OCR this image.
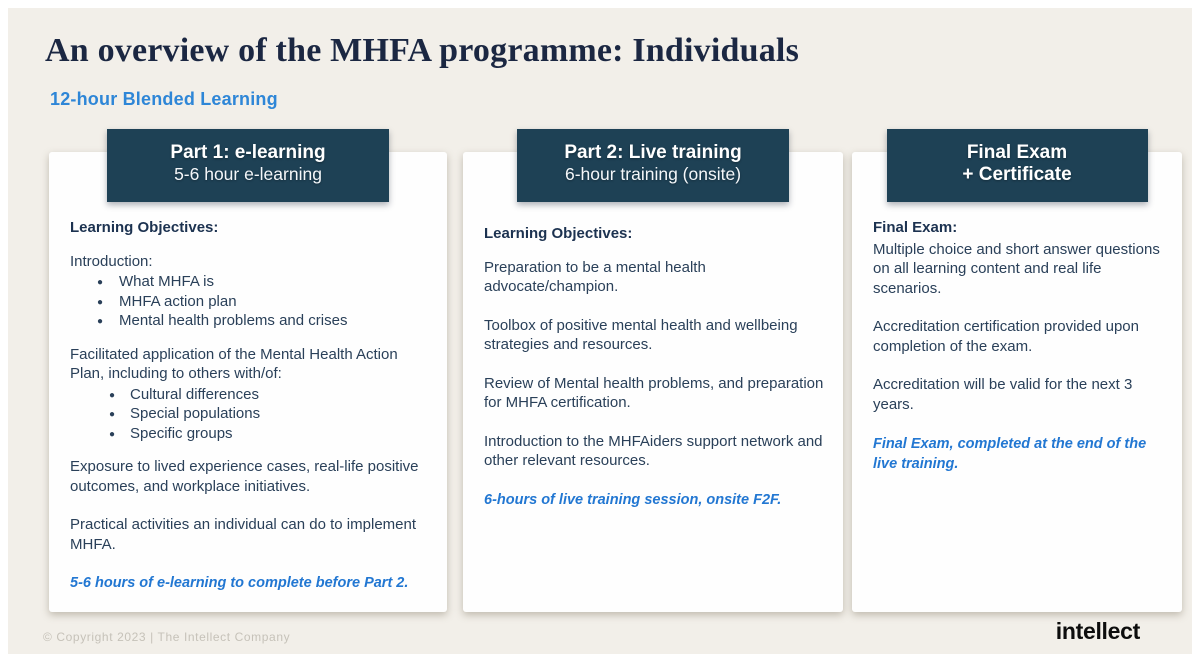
An overview of the MHFA programme: Individuals
12-hour Blended Learning
Part 1: e-learning
5-6 hour e-learning

Learning Objectives:

Introduction:

● What MHFA is
● MHFA action plan
● Mental health problems and crises

Facilitated application of the Mental Health Action Plan, including to others with/of:

● Cultural differences
● Special populations
● Specific groups

Exposure to lived experience cases, real-life positive outcomes, and workplace initiatives.

Practical activities an individual can do to implement MHFA.

5-6 hours of e-learning to complete before Part 2.

Part 2: Live training
6-hour training (onsite)

Learning Objectives:

Preparation to be a mental health advocate/champion.

Toolbox of positive mental health and wellbeing strategies and resources.

Review of Mental health problems, and preparation for MHFA certification.

Introduction to the MHFAiders support network and other relevant resources.

6-hours of live training session, onsite F2F.

Final Exam
+ Certificate

Final Exam:

Multiple choice and short answer questions on all learning content and real life scenarios.

Accreditation certification provided upon completion of the exam.

Accreditation will be valid for the next 3 years.

Final Exam, completed at the end of the live training.

© Copyright 2023 | The Intellect Company	intellect
